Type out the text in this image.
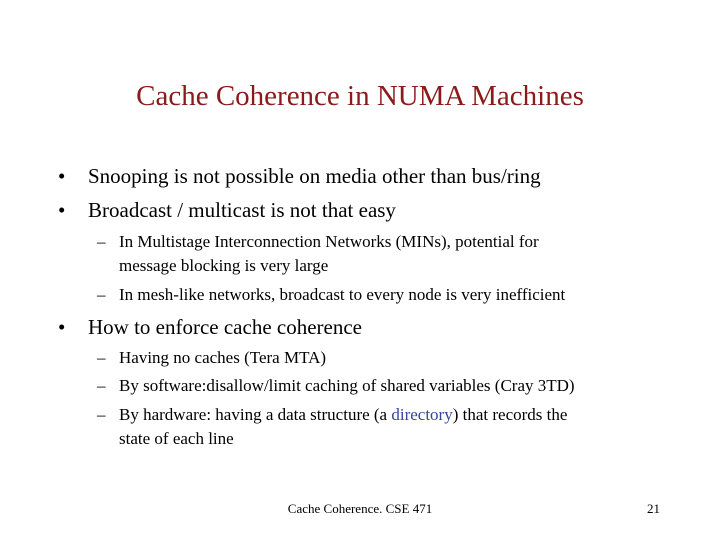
Cache Coherence in NUMA Machines
•	Snooping is not possible on media other than bus/ring
•	Broadcast / multicast is not that easy
– In Multistage Interconnection Networks (MINs), potential for
message blocking is very large
– In mesh-like networks, broadcast to every node is very inefficient
•	How to enforce cache coherence
– Having no caches (Tera MTA)
– By software:disallow/limit caching of shared variables (Cray 3TD)
– By hardware: having a data structure (a directory) that records the
state of each line
Cache Coherence. CSE 471	21
